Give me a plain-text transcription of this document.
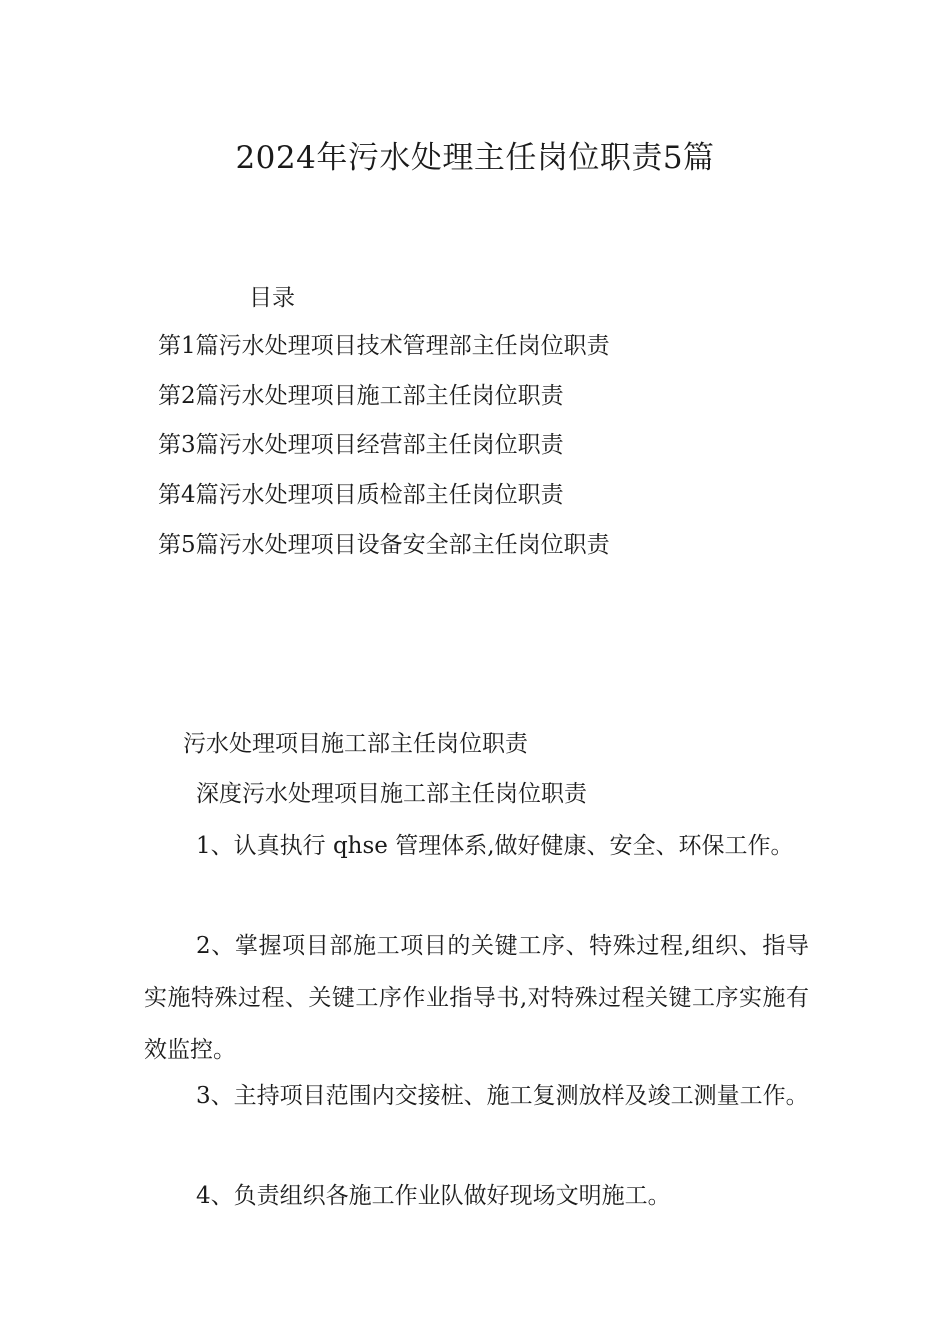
2024年污水处理主任岗位职责5篇
目录
第1篇污水处理项目技术管理部主任岗位职责
第2篇污水处理项目施工部主任岗位职责
第3篇污水处理项目经营部主任岗位职责
第4篇污水处理项目质检部主任岗位职责
第5篇污水处理项目设备安全部主任岗位职责
污水处理项目施工部主任岗位职责
深度污水处理项目施工部主任岗位职责

1、认真执行 qhse 管理体系,做好健康、安全、环保工作。

2、掌握项目部施工项目的关键工序、特殊过程,组织、指导实施特殊过程、关键工序作业指导书,对特殊过程关键工序实施有效监控。

3、主持项目范围内交接桩、施工复测放样及竣工测量工作。

4、负责组织各施工作业队做好现场文明施工。
